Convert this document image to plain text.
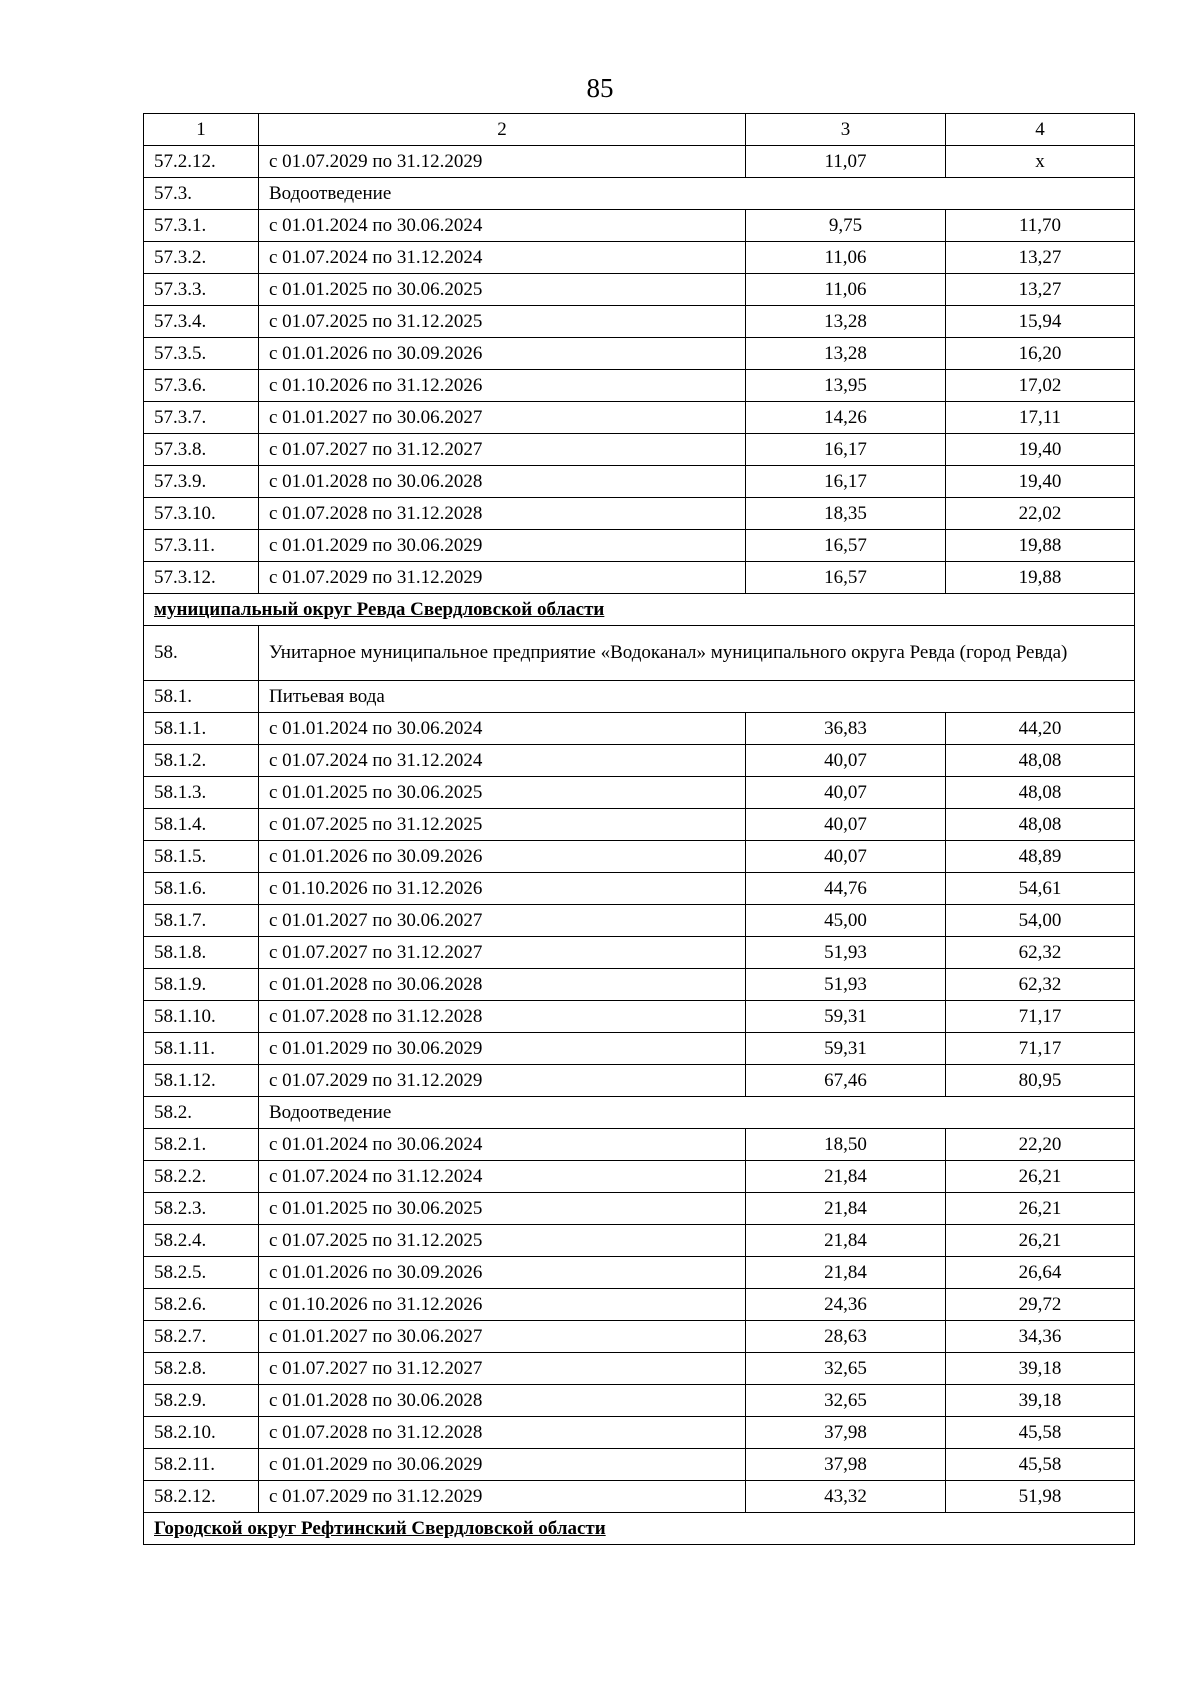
85
1	2	3	4
57.2.12.	с 01.07.2029 по 31.12.2029	11,07	х
57.3.	Водоотведение		
57.3.1.	с 01.01.2024 по 30.06.2024	9,75	11,70
57.3.2.	с 01.07.2024 по 31.12.2024	11,06	13,27
57.3.3.	с 01.01.2025 по 30.06.2025	11,06	13,27
57.3.4.	с 01.07.2025 по 31.12.2025	13,28	15,94
57.3.5.	с 01.01.2026 по 30.09.2026	13,28	16,20
57.3.6.	с 01.10.2026 по 31.12.2026	13,95	17,02
57.3.7.	с 01.01.2027 по 30.06.2027	14,26	17,11
57.3.8.	с 01.07.2027 по 31.12.2027	16,17	19,40
57.3.9.	с 01.01.2028 по 30.06.2028	16,17	19,40
57.3.10.	с 01.07.2028 по 31.12.2028	18,35	22,02
57.3.11.	с 01.01.2029 по 30.06.2029	16,57	19,88
57.3.12.	с 01.07.2029 по 31.12.2029	16,57	19,88
муниципальный округ Ревда Свердловской области			
58.	Унитарное муниципальное предприятие «Водоканал» муниципального округа Ревда (город Ревда)		
58.1.	Питьевая вода		
58.1.1.	с 01.01.2024 по 30.06.2024	36,83	44,20
58.1.2.	с 01.07.2024 по 31.12.2024	40,07	48,08
58.1.3.	с 01.01.2025 по 30.06.2025	40,07	48,08
58.1.4.	с 01.07.2025 по 31.12.2025	40,07	48,08
58.1.5.	с 01.01.2026 по 30.09.2026	40,07	48,89
58.1.6.	с 01.10.2026 по 31.12.2026	44,76	54,61
58.1.7.	с 01.01.2027 по 30.06.2027	45,00	54,00
58.1.8.	с 01.07.2027 по 31.12.2027	51,93	62,32
58.1.9.	с 01.01.2028 по 30.06.2028	51,93	62,32
58.1.10.	с 01.07.2028 по 31.12.2028	59,31	71,17
58.1.11.	с 01.01.2029 по 30.06.2029	59,31	71,17
58.1.12.	с 01.07.2029 по 31.12.2029	67,46	80,95
58.2.	Водоотведение		
58.2.1.	с 01.01.2024 по 30.06.2024	18,50	22,20
58.2.2.	с 01.07.2024 по 31.12.2024	21,84	26,21
58.2.3.	с 01.01.2025 по 30.06.2025	21,84	26,21
58.2.4.	с 01.07.2025 по 31.12.2025	21,84	26,21
58.2.5.	с 01.01.2026 по 30.09.2026	21,84	26,64
58.2.6.	с 01.10.2026 по 31.12.2026	24,36	29,72
58.2.7.	с 01.01.2027 по 30.06.2027	28,63	34,36
58.2.8.	с 01.07.2027 по 31.12.2027	32,65	39,18
58.2.9.	с 01.01.2028 по 30.06.2028	32,65	39,18
58.2.10.	с 01.07.2028 по 31.12.2028	37,98	45,58
58.2.11.	с 01.01.2029 по 30.06.2029	37,98	45,58
58.2.12.	с 01.07.2029 по 31.12.2029	43,32	51,98
Городской округ Рефтинский Свердловской области			
